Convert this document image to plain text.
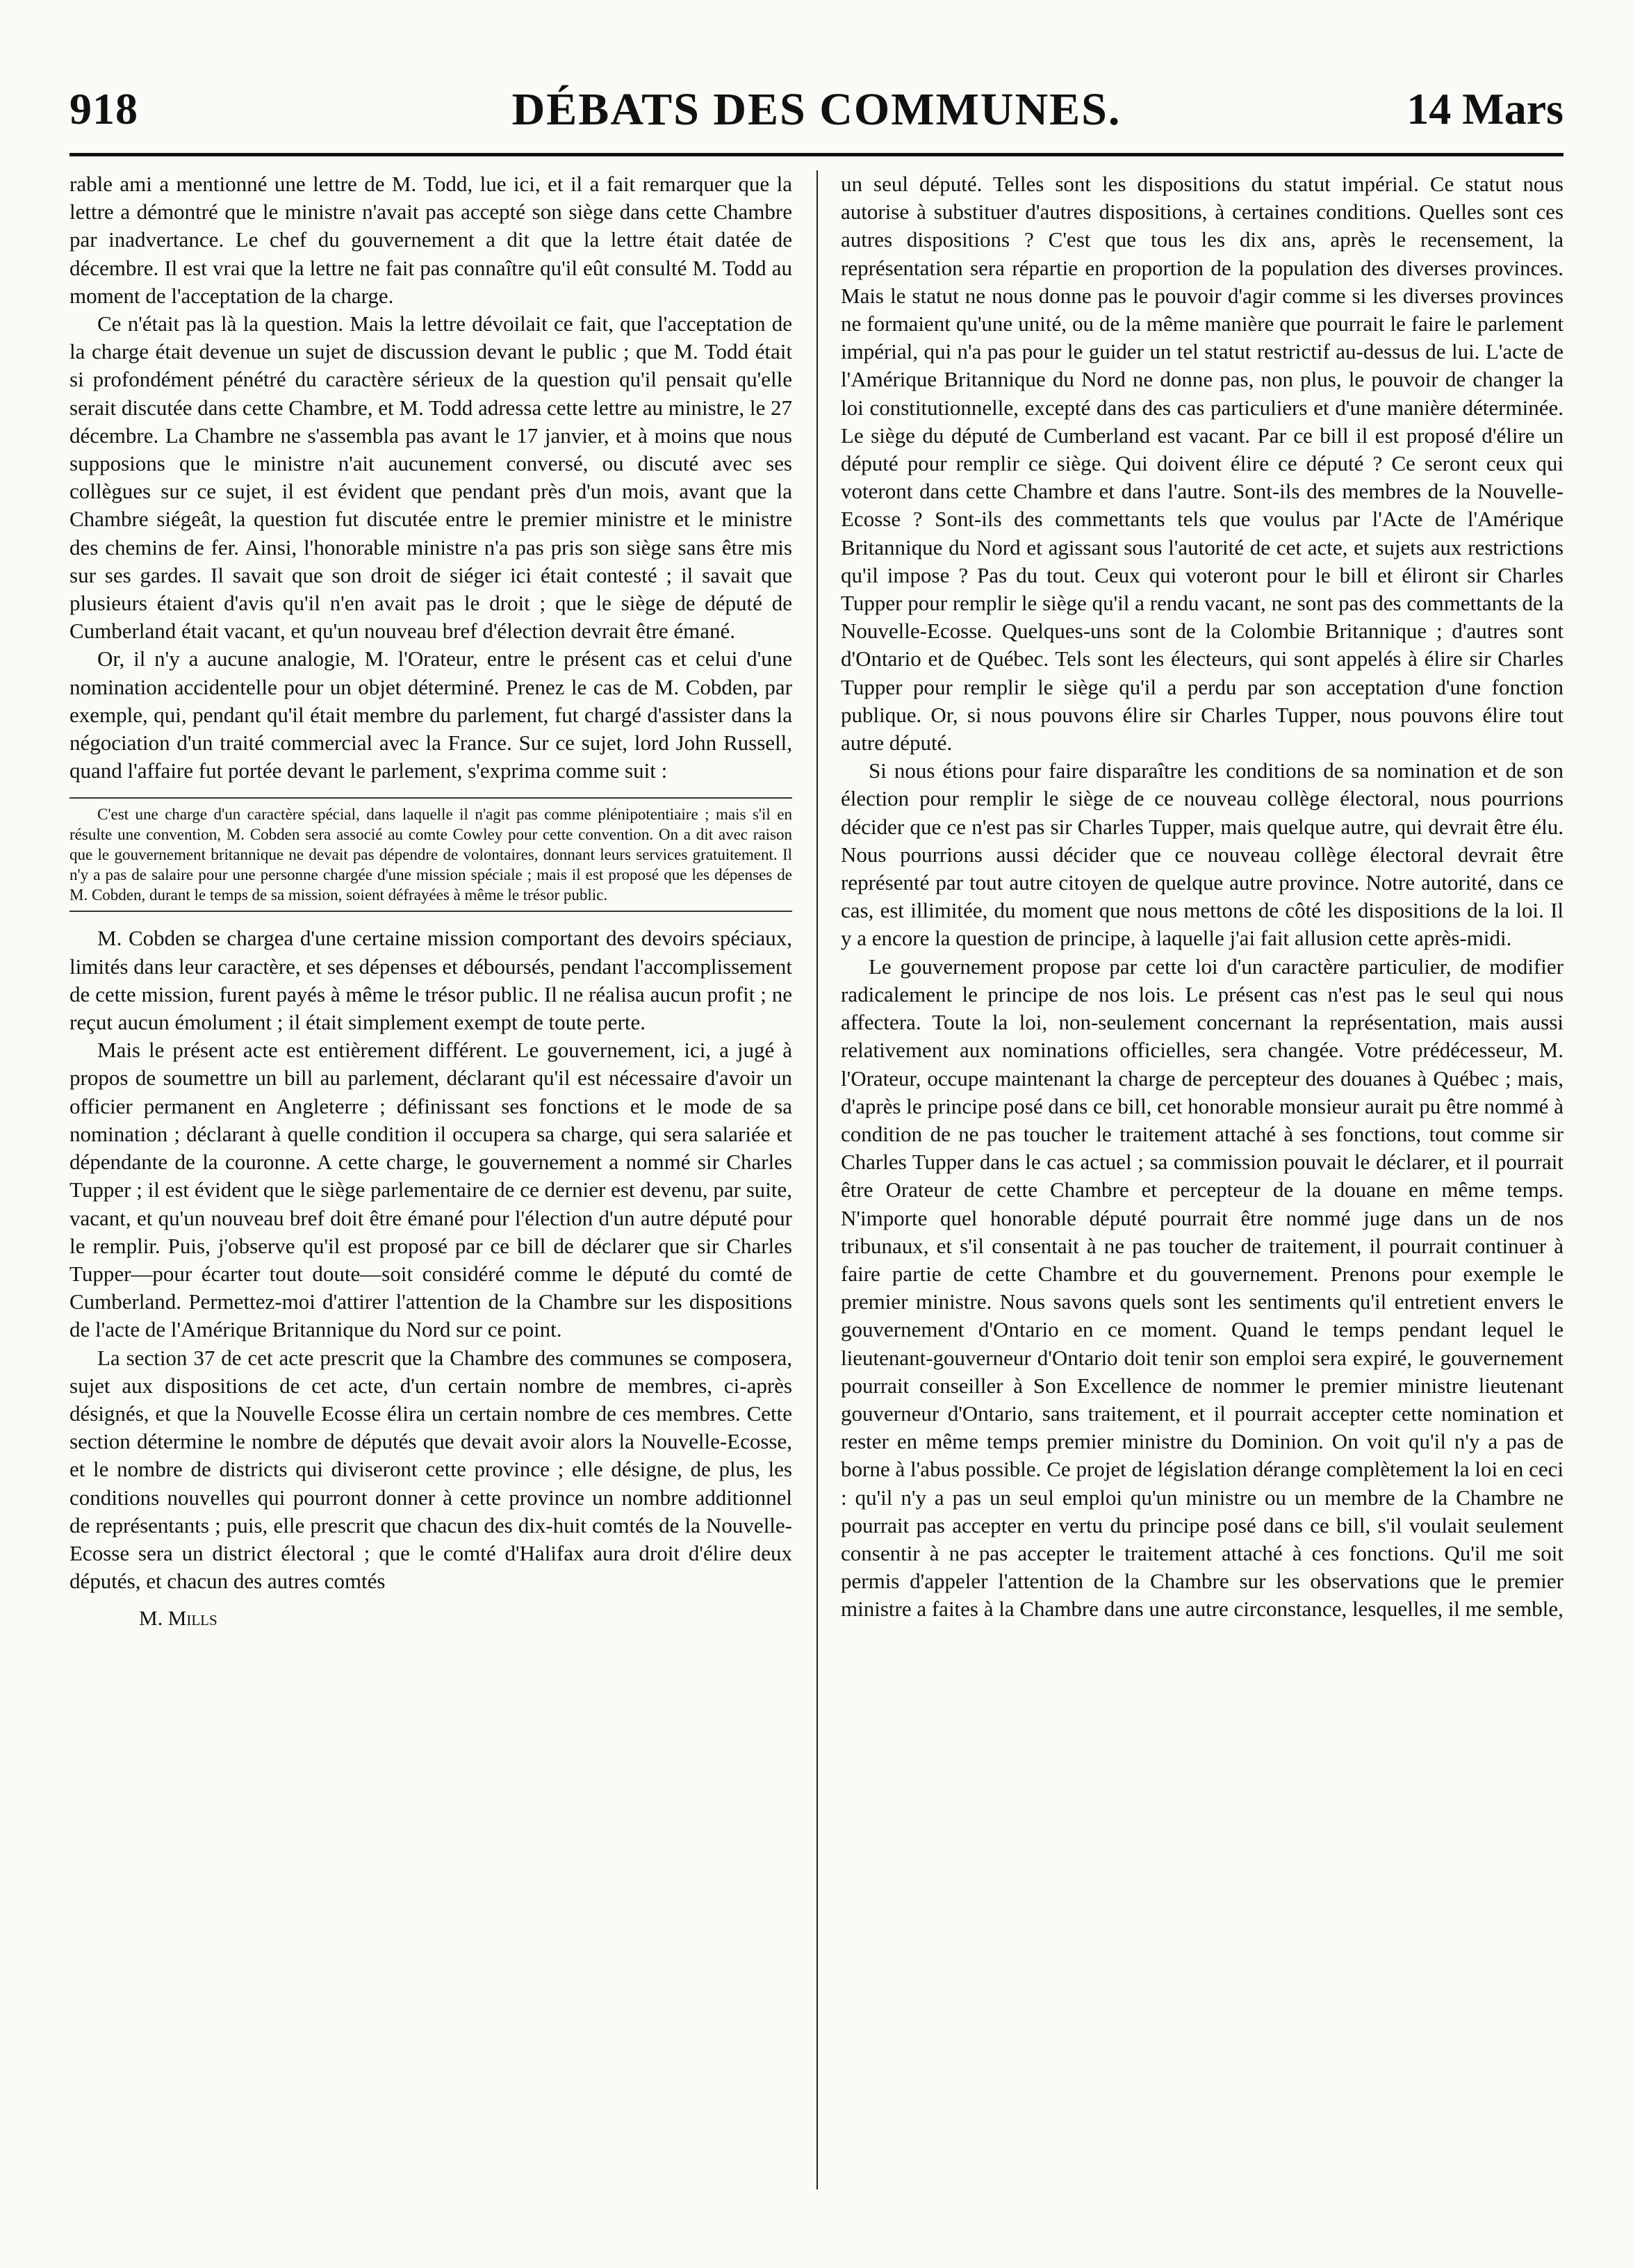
918	DÉBATS DES COMMUNES.	14 Mars

rable ami a mentionné une lettre de M. Todd, lue ici, et il a fait remarquer que la lettre a démontré que le ministre n'avait pas accepté son siège dans cette Chambre par inadvertance. Le chef du gouvernement a dit que la lettre était datée de décembre. Il est vrai que la lettre ne fait pas connaître qu'il eût consulté M. Todd au moment de l'acceptation de la charge.

Ce n'était pas là la question. Mais la lettre dévoilait ce fait, que l'acceptation de la charge était devenue un sujet de discussion devant le public ; que M. Todd était si profondément pénétré du caractère sérieux de la question qu'il pensait qu'elle serait discutée dans cette Chambre, et M. Todd adressa cette lettre au ministre, le 27 décembre. La Chambre ne s'assembla pas avant le 17 janvier, et à moins que nous supposions que le ministre n'ait aucunement conversé, ou discuté avec ses collègues sur ce sujet, il est évident que pendant près d'un mois, avant que la Chambre siégeât, la question fut discutée entre le premier ministre et le ministre des chemins de fer. Ainsi, l'honorable ministre n'a pas pris son siège sans être mis sur ses gardes. Il savait que son droit de siéger ici était contesté ; il savait que plusieurs étaient d'avis qu'il n'en avait pas le droit ; que le siège de député de Cumberland était vacant, et qu'un nouveau bref d'élection devrait être émané.

Or, il n'y a aucune analogie, M. l'Orateur, entre le présent cas et celui d'une nomination accidentelle pour un objet déterminé. Prenez le cas de M. Cobden, par exemple, qui, pendant qu'il était membre du parlement, fut chargé d'assister dans la négociation d'un traité commercial avec la France. Sur ce sujet, lord John Russell, quand l'affaire fut portée devant le parlement, s'exprima comme suit :

C'est une charge d'un caractère spécial, dans laquelle il n'agit pas comme plénipotentiaire ; mais s'il en résulte une convention, M. Cobden sera associé au comte Cowley pour cette convention. On a dit avec raison que le gouvernement britannique ne devait pas dépendre de volontaires, donnant leurs services gratuitement. Il n'y a pas de salaire pour une personne chargée d'une mission spéciale ; mais il est proposé que les dépenses de M. Cobden, durant le temps de sa mission, soient défrayées à même le trésor public.

M. Cobden se chargea d'une certaine mission comportant des devoirs spéciaux, limités dans leur caractère, et ses dépenses et déboursés, pendant l'accomplissement de cette mission, furent payés à même le trésor public. Il ne réalisa aucun profit ; ne reçut aucun émolument ; il était simplement exempt de toute perte.

Mais le présent acte est entièrement différent. Le gouvernement, ici, a jugé à propos de soumettre un bill au parlement, déclarant qu'il est nécessaire d'avoir un officier permanent en Angleterre ; définissant ses fonctions et le mode de sa nomination ; déclarant à quelle condition il occupera sa charge, qui sera salariée et dépendante de la couronne. A cette charge, le gouvernement a nommé sir Charles Tupper ; il est évident que le siège parlementaire de ce dernier est devenu, par suite, vacant, et qu'un nouveau bref doit être émané pour l'élection d'un autre député pour le remplir. Puis, j'observe qu'il est proposé par ce bill de déclarer que sir Charles Tupper—pour écarter tout doute—soit considéré comme le député du comté de Cumberland. Permettez-moi d'attirer l'attention de la Chambre sur les dispositions de l'acte de l'Amérique Britannique du Nord sur ce point.

La section 37 de cet acte prescrit que la Chambre des communes se composera, sujet aux dispositions de cet acte, d'un certain nombre de membres, ci-après désignés, et que la Nouvelle Ecosse élira un certain nombre de ces membres. Cette section détermine le nombre de députés que devait avoir alors la Nouvelle-Ecosse, et le nombre de districts qui diviseront cette province ; elle désigne, de plus, les conditions nouvelles qui pourront donner à cette province un nombre additionnel de représentants ; puis, elle prescrit que chacun des dix-huit comtés de la Nouvelle-Ecosse sera un district électoral ; que le comté d'Halifax aura droit d'élire deux députés, et chacun des autres comtés

M. Mills

un seul député. Telles sont les dispositions du statut impérial. Ce statut nous autorise à substituer d'autres dispositions, à certaines conditions. Quelles sont ces autres dispositions ? C'est que tous les dix ans, après le recensement, la représentation sera répartie en proportion de la population des diverses provinces. Mais le statut ne nous donne pas le pouvoir d'agir comme si les diverses provinces ne formaient qu'une unité, ou de la même manière que pourrait le faire le parlement impérial, qui n'a pas pour le guider un tel statut restrictif au-dessus de lui. L'acte de l'Amérique Britannique du Nord ne donne pas, non plus, le pouvoir de changer la loi constitutionnelle, excepté dans des cas particuliers et d'une manière déterminée. Le siège du député de Cumberland est vacant. Par ce bill il est proposé d'élire un député pour remplir ce siège. Qui doivent élire ce député ? Ce seront ceux qui voteront dans cette Chambre et dans l'autre. Sont-ils des membres de la Nouvelle-Ecosse ? Sont-ils des commettants tels que voulus par l'Acte de l'Amérique Britannique du Nord et agissant sous l'autorité de cet acte, et sujets aux restrictions qu'il impose ? Pas du tout. Ceux qui voteront pour le bill et éliront sir Charles Tupper pour remplir le siège qu'il a rendu vacant, ne sont pas des commettants de la Nouvelle-Ecosse. Quelques-uns sont de la Colombie Britannique ; d'autres sont d'Ontario et de Québec. Tels sont les électeurs, qui sont appelés à élire sir Charles Tupper pour remplir le siège qu'il a perdu par son acceptation d'une fonction publique. Or, si nous pouvons élire sir Charles Tupper, nous pouvons élire tout autre député.

Si nous étions pour faire disparaître les conditions de sa nomination et de son élection pour remplir le siège de ce nouveau collège électoral, nous pourrions décider que ce n'est pas sir Charles Tupper, mais quelque autre, qui devrait être élu. Nous pourrions aussi décider que ce nouveau collège électoral devrait être représenté par tout autre citoyen de quelque autre province. Notre autorité, dans ce cas, est illimitée, du moment que nous mettons de côté les dispositions de la loi. Il y a encore la question de principe, à laquelle j'ai fait allusion cette après-midi.

Le gouvernement propose par cette loi d'un caractère particulier, de modifier radicalement le principe de nos lois. Le présent cas n'est pas le seul qui nous affectera. Toute la loi, non-seulement concernant la représentation, mais aussi relativement aux nominations officielles, sera changée. Votre prédécesseur, M. l'Orateur, occupe maintenant la charge de percepteur des douanes à Québec ; mais, d'après le principe posé dans ce bill, cet honorable monsieur aurait pu être nommé à condition de ne pas toucher le traitement attaché à ses fonctions, tout comme sir Charles Tupper dans le cas actuel ; sa commission pouvait le déclarer, et il pourrait être Orateur de cette Chambre et percepteur de la douane en même temps. N'importe quel honorable député pourrait être nommé juge dans un de nos tribunaux, et s'il consentait à ne pas toucher de traitement, il pourrait continuer à faire partie de cette Chambre et du gouvernement. Prenons pour exemple le premier ministre. Nous savons quels sont les sentiments qu'il entretient envers le gouvernement d'Ontario en ce moment. Quand le temps pendant lequel le lieutenant-gouverneur d'Ontario doit tenir son emploi sera expiré, le gouvernement pourrait conseiller à Son Excellence de nommer le premier ministre lieutenant gouverneur d'Ontario, sans traitement, et il pourrait accepter cette nomination et rester en même temps premier ministre du Dominion. On voit qu'il n'y a pas de borne à l'abus possible. Ce projet de législation dérange complètement la loi en ceci : qu'il n'y a pas un seul emploi qu'un ministre ou un membre de la Chambre ne pourrait pas accepter en vertu du principe posé dans ce bill, s'il voulait seulement consentir à ne pas accepter le traitement attaché à ces fonctions. Qu'il me soit permis d'appeler l'attention de la Chambre sur les observations que le premier ministre a faites à la Chambre dans une autre circonstance, lesquelles, il me semble,
